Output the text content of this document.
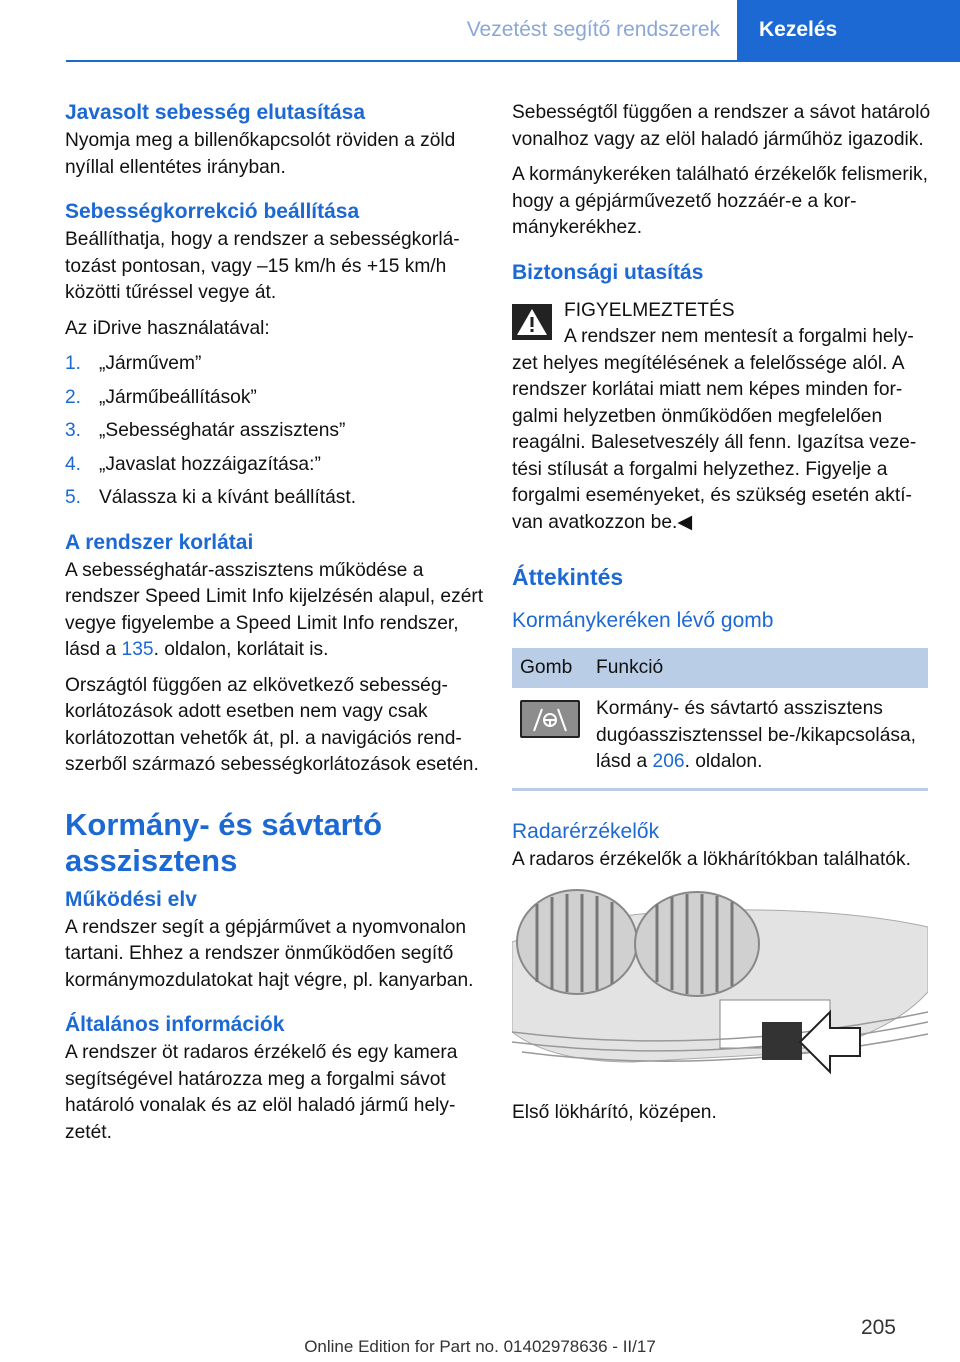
Vezetést segítő rendszerek	Kezelés
Javasolt sebesség elutasítása

Nyomja meg a billenőkapcsolót röviden a zöld nyíllal ellentétes irányban.

Sebességkorrekció beállítása

Beállíthatja, hogy a rendszer a sebességkorlátozást pontosan, vagy –15 km/h és +15 km/h közötti tűréssel vegye át.

Az iDrive használatával:

1. „Járművem”
2. „Járműbeállítások”
3. „Sebességhatár asszisztens”
4. „Javaslat hozzáigazítása:”
5. Válassza ki a kívánt beállítást.
A rendszer korlátai

A sebességhatár-asszisztens működése a rendszer Speed Limit Info kijelzésén alapul, ezért vegye figyelembe a Speed Limit Info rendszer, lásd a 135. oldalon, korlátait is.

Országtól függően az elkövetkező sebességkorlátozások adott esetben nem vagy csak korlátozottan vehetők át, pl. a navigációs rendszerből származó sebességkorlátozások esetén.

Kormány- és sávtartó asszisztens
Működési elv

A rendszer segít a gépjárművet a nyomvonalon tartani. Ehhez a rendszer önműködően segítő kormánymozdulatokat hajt végre, pl. kanyarban.

Általános információk

A rendszer öt radaros érzékelő és egy kamera segítségével határozza meg a forgalmi sávot határoló vonalak és az elöl haladó jármű helyzetét.

Sebességtől függően a rendszer a sávot határoló vonalhoz vagy az elöl haladó járműhöz igazodik.

A kormánykeréken található érzékelők felismerik, hogy a gépjárművezető hozzáér-e a kormánykerékhez.

Biztonsági utasítás

FIGYELMEZTETÉS

A rendszer nem mentesít a forgalmi helyzet helyes megítélésének a felelőssége alól. A rendszer korlátai miatt nem képes minden forgalmi helyzetben önműködően megfelelően reagálni. Balesetveszély áll fenn. Igazítsa vezetési stílusát a forgalmi helyzethez. Figyelje a forgalmi eseményeket, és szükség esetén aktívan avatkozzon be.◀

Áttekintés
Kormánykeréken lévő gomb
Gomb	Funkció

	Kormány- és sávtartó asszisztens dugóasszisztenssel be-/kikapcsolása, lásd a 206. oldalon.
Radarérzékelők

A radaros érzékelők a lökhárítókban találhatók.

Első lökhárító, középen.

205
Online Edition for Part no. 01402978636 - II/17
